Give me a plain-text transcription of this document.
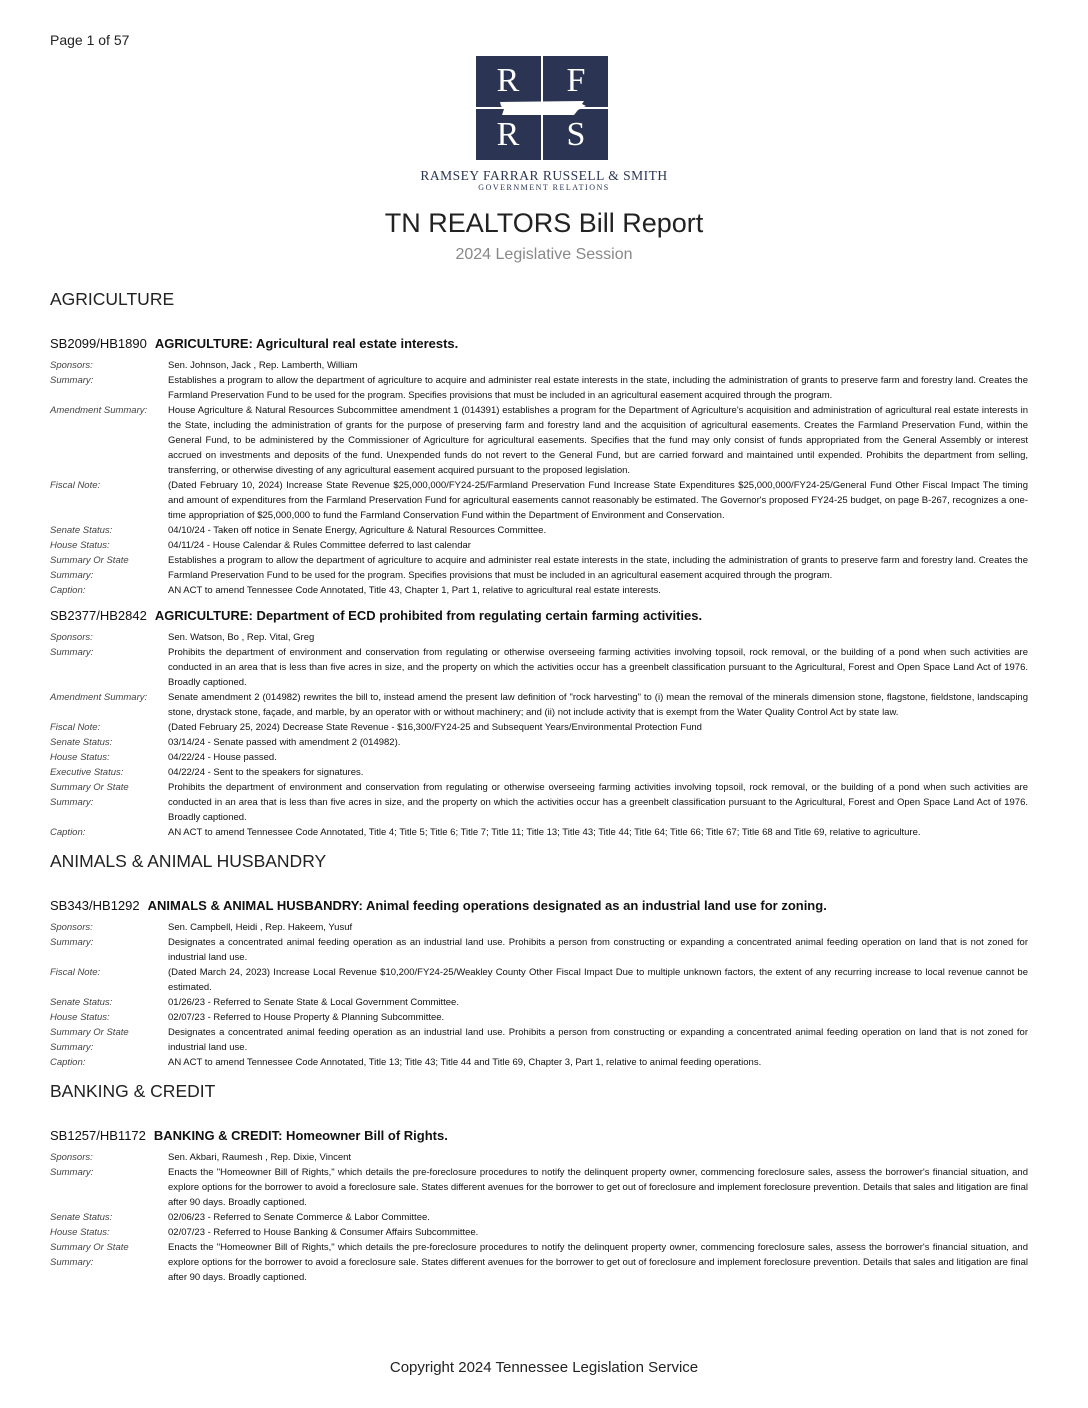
Page 1 of 57
R	F
R	S
RAMSEY FARRAR RUSSELL & SMITH
GOVERNMENT RELATIONS
TN REALTORS Bill Report
2024 Legislative Session
AGRICULTURE
SB2099/HB1890 AGRICULTURE: Agricultural real estate interests.
Sponsors:	Sen. Johnson, Jack , Rep. Lamberth, William
Summary:	Establishes a program to allow the department of agriculture to acquire and administer real estate interests in the state, including the administration of grants to preserve farm and forestry land. Creates the Farmland Preservation Fund to be used for the program. Specifies provisions that must be included in an agricultural easement acquired through the program.
Amendment Summary:	House Agriculture & Natural Resources Subcommittee amendment 1 (014391) establishes a program for the Department of Agriculture's acquisition and administration of agricultural real estate interests in the State, including the administration of grants for the purpose of preserving farm and forestry land and the acquisition of agricultural easements. Creates the Farmland Preservation Fund, within the General Fund, to be administered by the Commissioner of Agriculture for agricultural easements. Specifies that the fund may only consist of funds appropriated from the General Assembly or interest accrued on investments and deposits of the fund. Unexpended funds do not revert to the General Fund, but are carried forward and maintained until expended. Prohibits the department from selling, transferring, or otherwise divesting of any agricultural easement acquired pursuant to the proposed legislation.
Fiscal Note:	(Dated February 10, 2024) Increase State Revenue $25,000,000/FY24-25/Farmland Preservation Fund Increase State Expenditures $25,000,000/FY24-25/General Fund Other Fiscal Impact The timing and amount of expenditures from the Farmland Preservation Fund for agricultural easements cannot reasonably be estimated. The Governor's proposed FY24-25 budget, on page B-267, recognizes a one-time appropriation of $25,000,000 to fund the Farmland Conservation Fund within the Department of Environment and Conservation.
Senate Status:	04/10/24 - Taken off notice in Senate Energy, Agriculture & Natural Resources Committee.
House Status:	04/11/24 - House Calendar & Rules Committee deferred to last calendar
Summary Or State Summary:
Establishes a program to allow the department of agriculture to acquire and administer real estate interests in the state, including the administration of grants to preserve farm and forestry land. Creates the Farmland Preservation Fund to be used for the program. Specifies provisions that must be included in an agricultural easement acquired through the program.
Caption:	AN ACT to amend Tennessee Code Annotated, Title 43, Chapter 1, Part 1, relative to agricultural real estate interests.
SB2377/HB2842 AGRICULTURE: Department of ECD prohibited from regulating certain farming activities.
Sponsors:	Sen. Watson, Bo , Rep. Vital, Greg
Summary:	Prohibits the department of environment and conservation from regulating or otherwise overseeing farming activities involving topsoil, rock removal, or the building of a pond when such activities are conducted in an area that is less than five acres in size, and the property on which the activities occur has a greenbelt classification pursuant to the Agricultural, Forest and Open Space Land Act of 1976. Broadly captioned.
Amendment Summary:	Senate amendment 2 (014982) rewrites the bill to, instead amend the present law definition of "rock harvesting" to (i) mean the removal of the minerals dimension stone, flagstone, fieldstone, landscaping stone, drystack stone, façade, and marble, by an operator with or without machinery; and (ii) not include activity that is exempt from the Water Quality Control Act by state law.
Fiscal Note:	(Dated February 25, 2024) Decrease State Revenue - $16,300/FY24-25 and Subsequent Years/Environmental Protection Fund
Senate Status:	03/14/24 - Senate passed with amendment 2 (014982).
House Status:	04/22/24 - House passed.
Executive Status:	04/22/24 - Sent to the speakers for signatures.
Summary Or State Summary:
Prohibits the department of environment and conservation from regulating or otherwise overseeing farming activities involving topsoil, rock removal, or the building of a pond when such activities are conducted in an area that is less than five acres in size, and the property on which the activities occur has a greenbelt classification pursuant to the Agricultural, Forest and Open Space Land Act of 1976. Broadly captioned.
Caption:	AN ACT to amend Tennessee Code Annotated, Title 4; Title 5; Title 6; Title 7; Title 11; Title 13; Title 43; Title 44; Title 64; Title 66; Title 67; Title 68 and Title 69, relative to agriculture.
ANIMALS & ANIMAL HUSBANDRY
SB343/HB1292 ANIMALS & ANIMAL HUSBANDRY: Animal feeding operations designated as an industrial land use for zoning.
Sponsors:	Sen. Campbell, Heidi , Rep. Hakeem, Yusuf
Summary:	Designates a concentrated animal feeding operation as an industrial land use. Prohibits a person from constructing or expanding a concentrated animal feeding operation on land that is not zoned for industrial land use.
Fiscal Note:	(Dated March 24, 2023) Increase Local Revenue $10,200/FY24-25/Weakley County Other Fiscal Impact Due to multiple unknown factors, the extent of any recurring increase to local revenue cannot be estimated.
Senate Status:	01/26/23 - Referred to Senate State & Local Government Committee.
House Status:	02/07/23 - Referred to House Property & Planning Subcommittee.
Summary Or State Summary:
Designates a concentrated animal feeding operation as an industrial land use. Prohibits a person from constructing or expanding a concentrated animal feeding operation on land that is not zoned for industrial land use.
Caption:	AN ACT to amend Tennessee Code Annotated, Title 13; Title 43; Title 44 and Title 69, Chapter 3, Part 1, relative to animal feeding operations.
BANKING & CREDIT
SB1257/HB1172 BANKING & CREDIT: Homeowner Bill of Rights.
Sponsors:	Sen. Akbari, Raumesh , Rep. Dixie, Vincent
Summary:	Enacts the "Homeowner Bill of Rights," which details the pre-foreclosure procedures to notify the delinquent property owner, commencing foreclosure sales, assess the borrower's financial situation, and explore options for the borrower to avoid a foreclosure sale. States different avenues for the borrower to get out of foreclosure and implement foreclosure prevention. Details that sales and litigation are final after 90 days. Broadly captioned.
Senate Status:	02/06/23 - Referred to Senate Commerce & Labor Committee.
House Status:	02/07/23 - Referred to House Banking & Consumer Affairs Subcommittee.
Summary Or State Summary:
Enacts the "Homeowner Bill of Rights," which details the pre-foreclosure procedures to notify the delinquent property owner, commencing foreclosure sales, assess the borrower's financial situation, and explore options for the borrower to avoid a foreclosure sale. States different avenues for the borrower to get out of foreclosure and implement foreclosure prevention. Details that sales and litigation are final after 90 days. Broadly captioned.
Copyright 2024 Tennessee Legislation Service
